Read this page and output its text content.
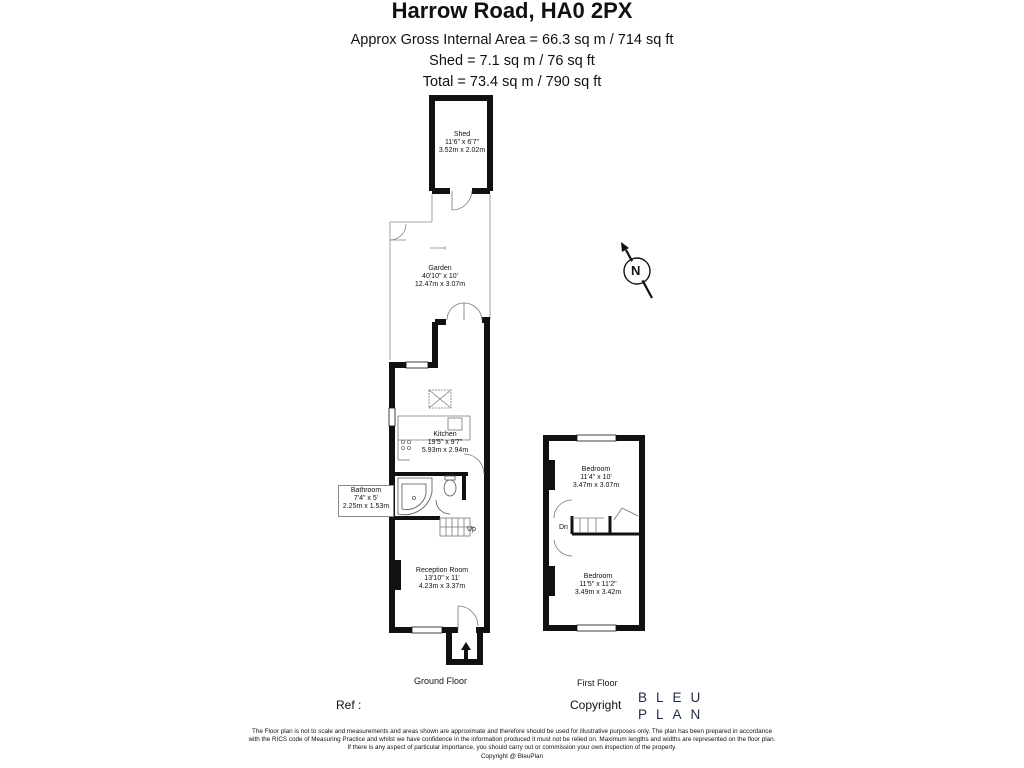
Harrow Road, HA0 2PX
Approx Gross Internal Area = 66.3 sq m / 714 sq ft
Shed = 7.1 sq m / 76 sq ft
Total = 73.4 sq m / 790 sq ft
N
Shed
11'6" x 6'7"
3.52m x 2.02m
Garden
40'10" x 10'
12.47m x 3.07m
Kitchen
19'5" x 9'7"
5.93m x 2.94m
Bathroom
7'4" x 5'
2.25m x 1.53m
Reception Room
13'10" x 11'
4.23m x 3.37m
Bedroom
11'4" x 10'
3.47m x 3.07m
Bedroom
11'5" x 11'2"
3.49m x 3.42m
Up	Dn
Ground Floor	First Floor
Ref :	Copyright BLEU
PLAN
The Floor plan is not to scale and measurements and areas shown are approximate and therefore should be used for illustrative purposes only. The plan has been prepared in accordance
with the RICS code of Measuring Practice and whilst we have confidence in the information produced it must not be relied on. Maximum lengths and widths are represented on the floor plan.
If there is any aspect of particular importance, you should carry out or commission your own inspection of the property.
Copyright @ BleuPlan
